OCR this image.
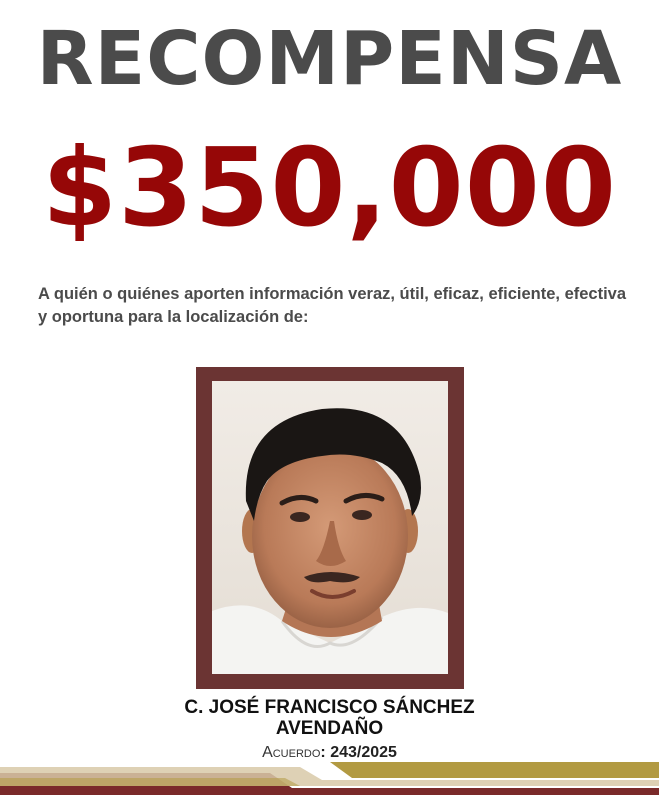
RECOMPENSA
$350,000
A quién o quiénes aporten información veraz, útil, eficaz, eficiente, efectiva y oportuna para la localización de:
C. JOSÉ FRANCISCO SÁNCHEZ
AVENDAÑO
Acuerdo: 243/2025
